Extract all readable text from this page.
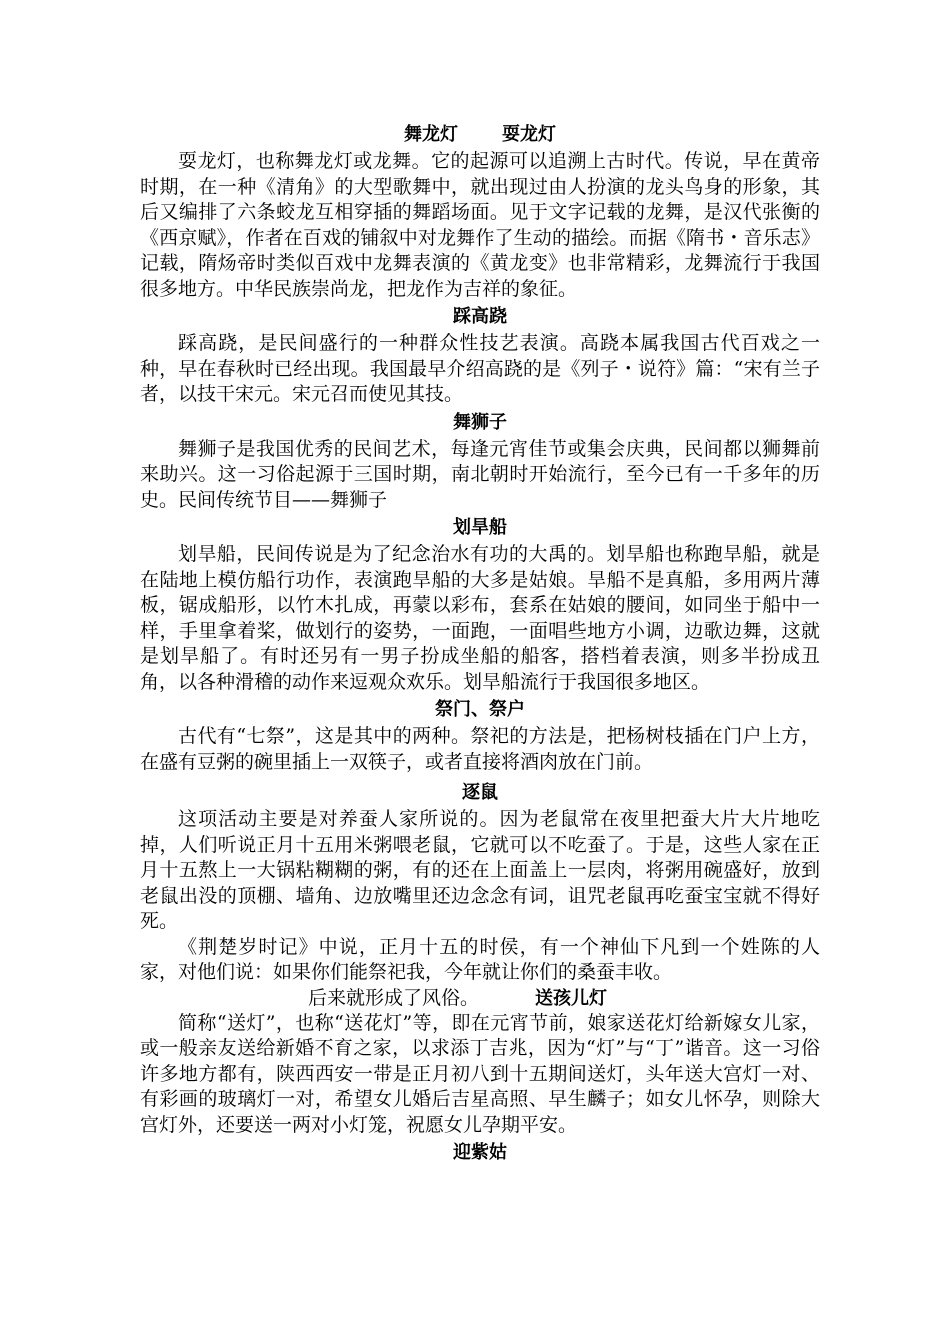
舞龙灯 耍龙灯

耍龙灯，也称舞龙灯或龙舞。它的起源可以追溯上古时代。传说，早在黄帝时期，在一种《清角》的大型歌舞中，就出现过由人扮演的龙头鸟身的形象，其后又编排了六条蛟龙互相穿插的舞蹈场面。见于文字记载的龙舞，是汉代张衡的《西京赋》，作者在百戏的铺叙中对龙舞作了生动的描绘。而据《隋书・音乐志》记载，隋炀帝时类似百戏中龙舞表演的《黄龙变》也非常精彩，龙舞流行于我国很多地方。中华民族崇尚龙，把龙作为吉祥的象征。

踩高跷

踩高跷，是民间盛行的一种群众性技艺表演。高跷本属我国古代百戏之一种，早在春秋时已经出现。我国最早介绍高跷的是《列子・说符》篇：“宋有兰子者，以技干宋元。宋元召而使见其技。

舞狮子

舞狮子是我国优秀的民间艺术，每逢元宵佳节或集会庆典，民间都以狮舞前来助兴。这一习俗起源于三国时期，南北朝时开始流行，至今已有一千多年的历史。民间传统节目——舞狮子

划旱船

划旱船，民间传说是为了纪念治水有功的大禹的。划旱船也称跑旱船，就是在陆地上模仿船行功作，表演跑旱船的大多是姑娘。旱船不是真船，多用两片薄板，锯成船形，以竹木扎成，再蒙以彩布，套系在姑娘的腰间，如同坐于船中一样，手里拿着桨，做划行的姿势，一面跑，一面唱些地方小调，边歌边舞，这就是划旱船了。有时还另有一男子扮成坐船的船客，搭档着表演，则多半扮成丑角，以各种滑稽的动作来逗观众欢乐。划旱船流行于我国很多地区。

祭门、祭户

古代有“七祭”，这是其中的两种。祭祀的方法是，把杨树枝插在门户上方，在盛有豆粥的碗里插上一双筷子，或者直接将酒肉放在门前。

逐鼠

这项活动主要是对养蚕人家所说的。因为老鼠常在夜里把蚕大片大片地吃掉，人们听说正月十五用米粥喂老鼠，它就可以不吃蚕了。于是，这些人家在正月十五熬上一大锅粘糊糊的粥，有的还在上面盖上一层肉，将粥用碗盛好，放到老鼠出没的顶棚、墙角、边放嘴里还边念念有词，诅咒老鼠再吃蚕宝宝就不得好死。

《荆楚岁时记》中说，正月十五的时侯，有一个神仙下凡到一个姓陈的人家，对他们说：如果你们能祭祀我，今年就让你们的桑蚕丰收。

后来就形成了风俗。	送孩儿灯

简称“送灯”，也称“送花灯”等，即在元宵节前，娘家送花灯给新嫁女儿家，或一般亲友送给新婚不育之家，以求添丁吉兆，因为“灯”与“丁”谐音。这一习俗许多地方都有，陕西西安一带是正月初八到十五期间送灯，头年送大宫灯一对、有彩画的玻璃灯一对，希望女儿婚后吉星高照、早生麟子；如女儿怀孕，则除大宫灯外，还要送一两对小灯笼，祝愿女儿孕期平安。

迎紫姑
